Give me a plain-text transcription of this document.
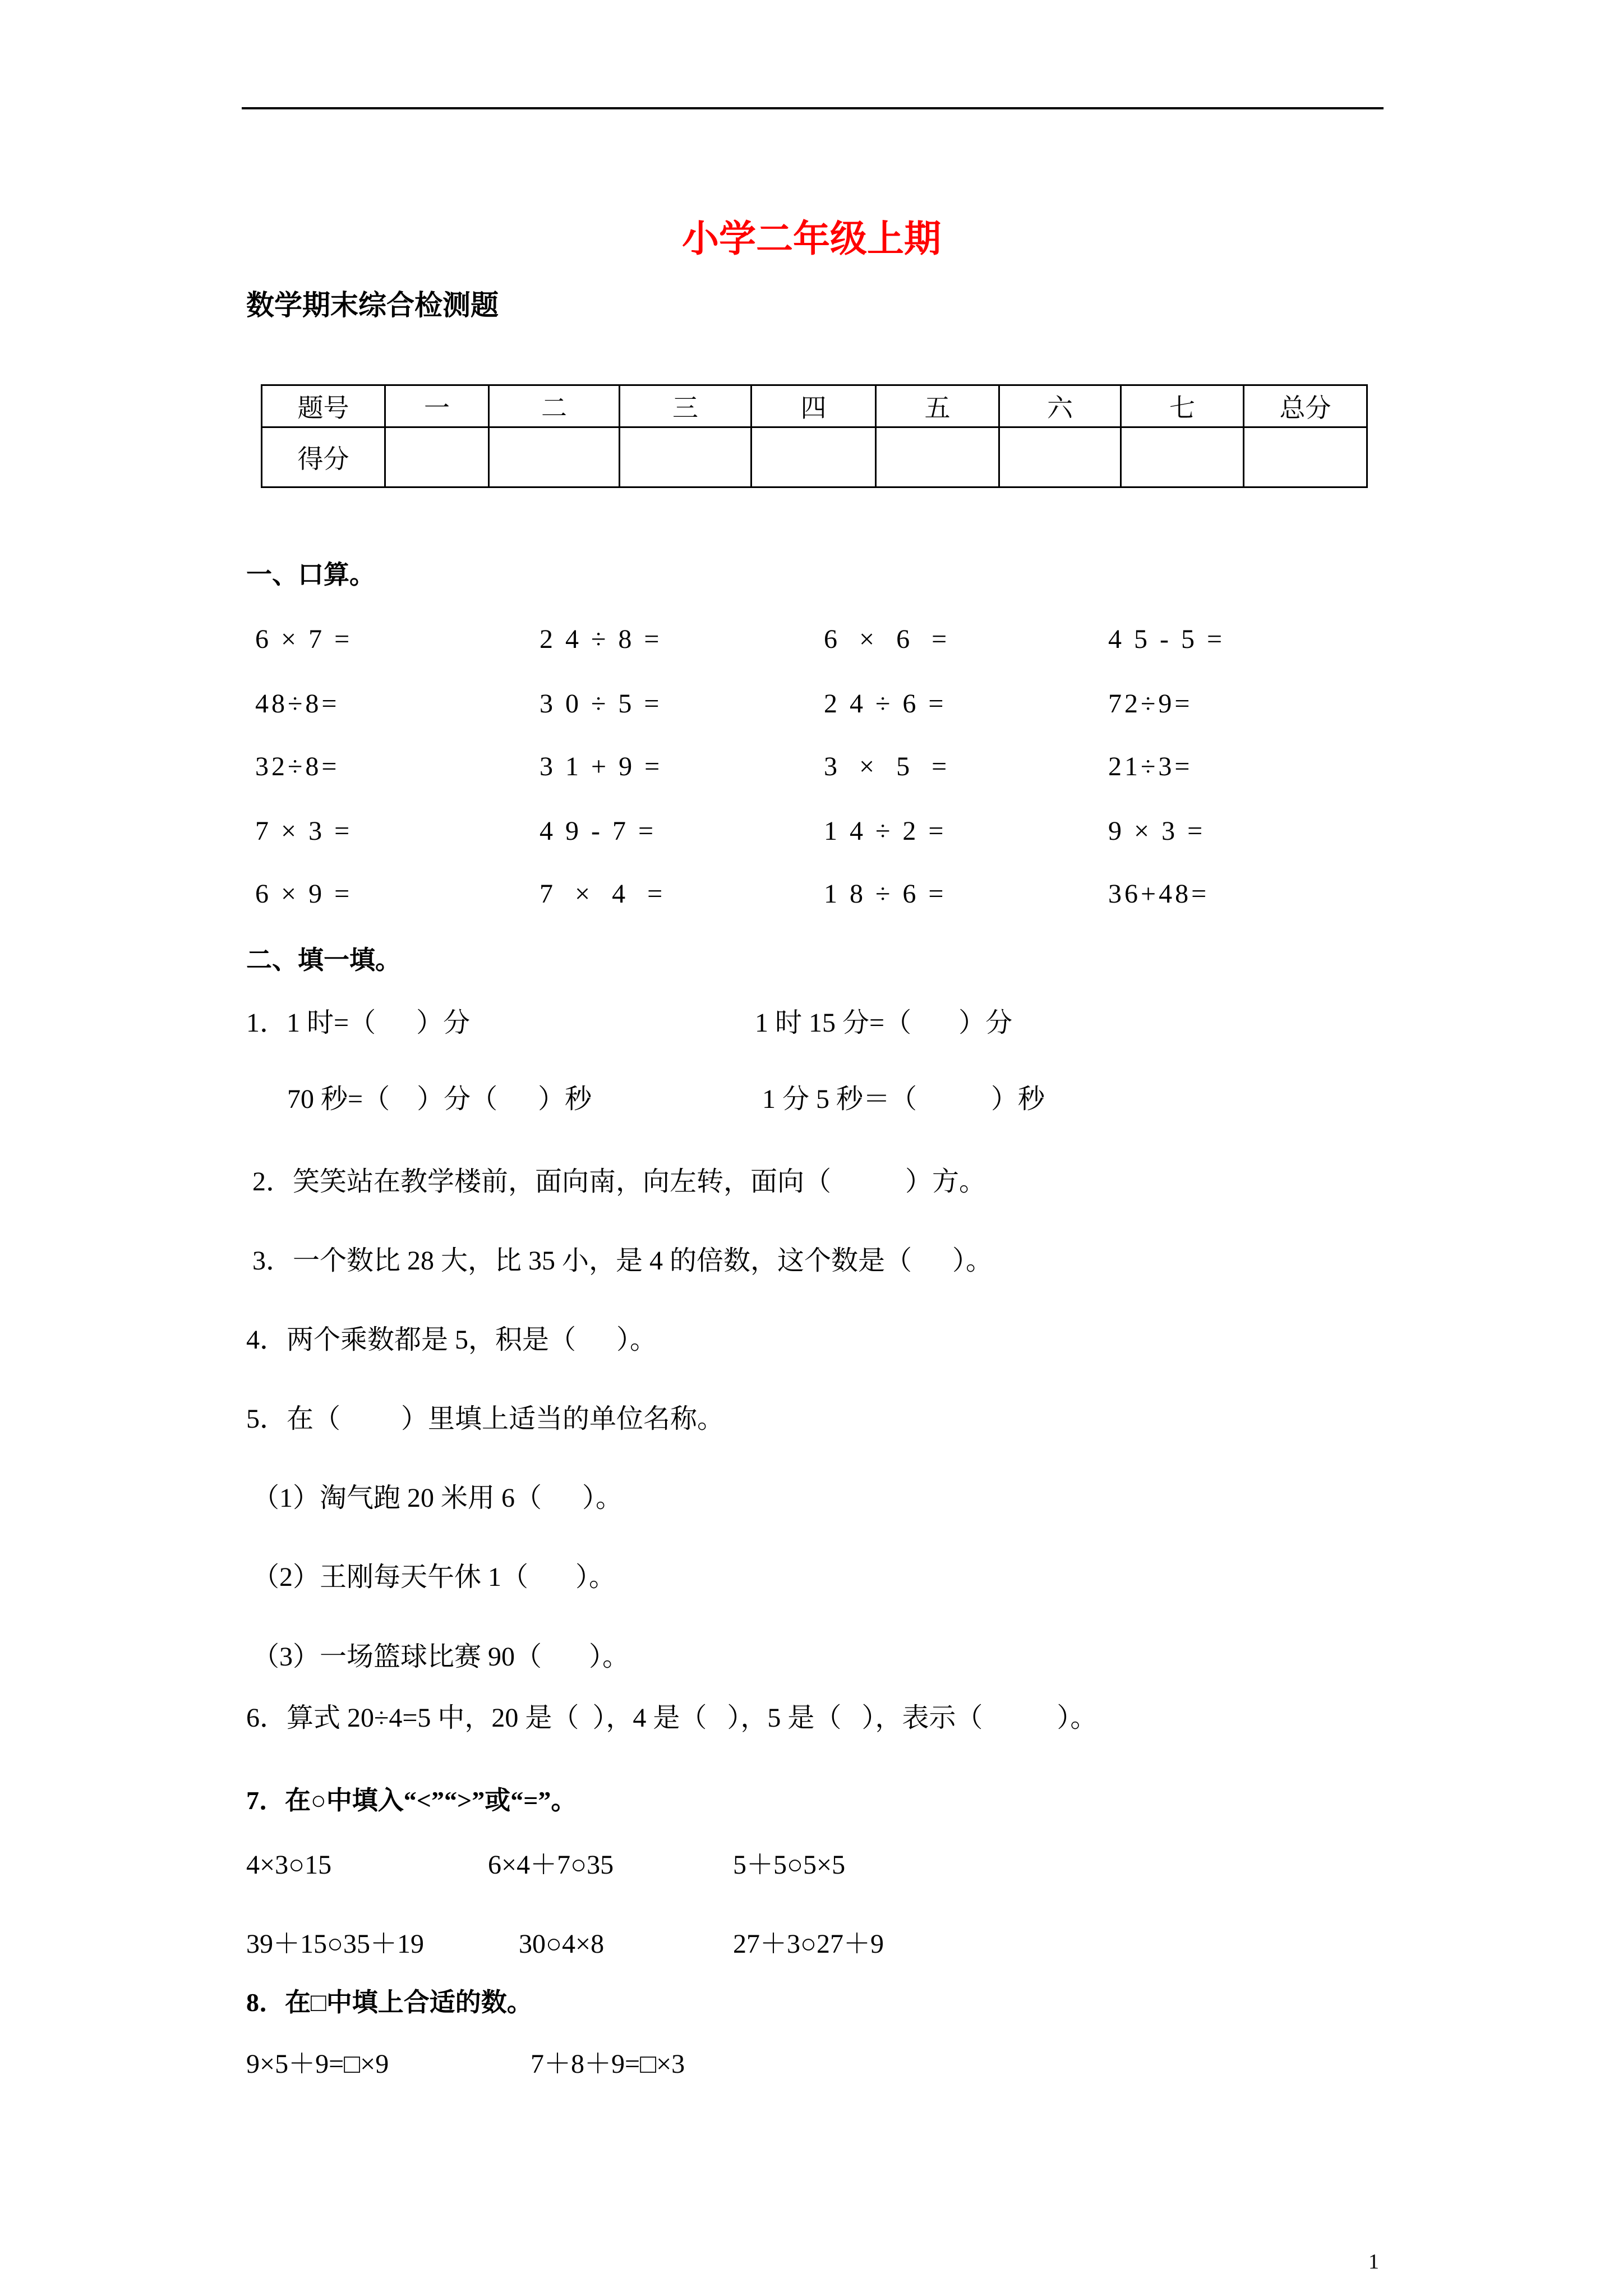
小学二年级上期
数学期末综合检测题
题号	一	二	三	四	五	六	七	总分
得分								
一、口算。
6 × 7 =	2 4 ÷ 8 =	6  ×  6  =	4 5 - 5 =
48÷8=	3 0 ÷ 5 =	2 4 ÷ 6 =	72÷9=
32÷8=	3 1 + 9 =	3  ×  5  =	21÷3=
7 × 3 =	4 9 - 7 =	1 4 ÷ 2 =	9 × 3 =
6 × 9 =	7  ×  4  =	1 8 ÷ 6 =	36+48=
二、填一填。
1．1 时=（      ）分	1 时 15 分=（       ）分
70 秒=（    ）分（      ）秒	1 分 5 秒＝（           ）秒
2．笑笑站在教学楼前，面向南，向左转，面向（           ）方。
3．一个数比 28 大，比 35 小，是 4 的倍数，这个数是（      ）。
4．两个乘数都是 5，积是（      ）。
5．在（         ）里填上适当的单位名称。
（1）淘气跑 20 米用 6（      ）。
（2）王刚每天午休 1（       ）。
（3）一场篮球比赛 90（       ）。
6．算式 20÷4=5 中，20 是（  ），4 是（   ），5 是（   ），表示（           ）。
7．在○中填入“<”“>”或“=”。
4×3○15	6×4＋7○35	5＋5○5×5
39＋15○35＋19	30○4×8	27＋3○27＋9
8．在□中填上合适的数。
9×5＋9=□×9	7＋8＋9=□×3
1
